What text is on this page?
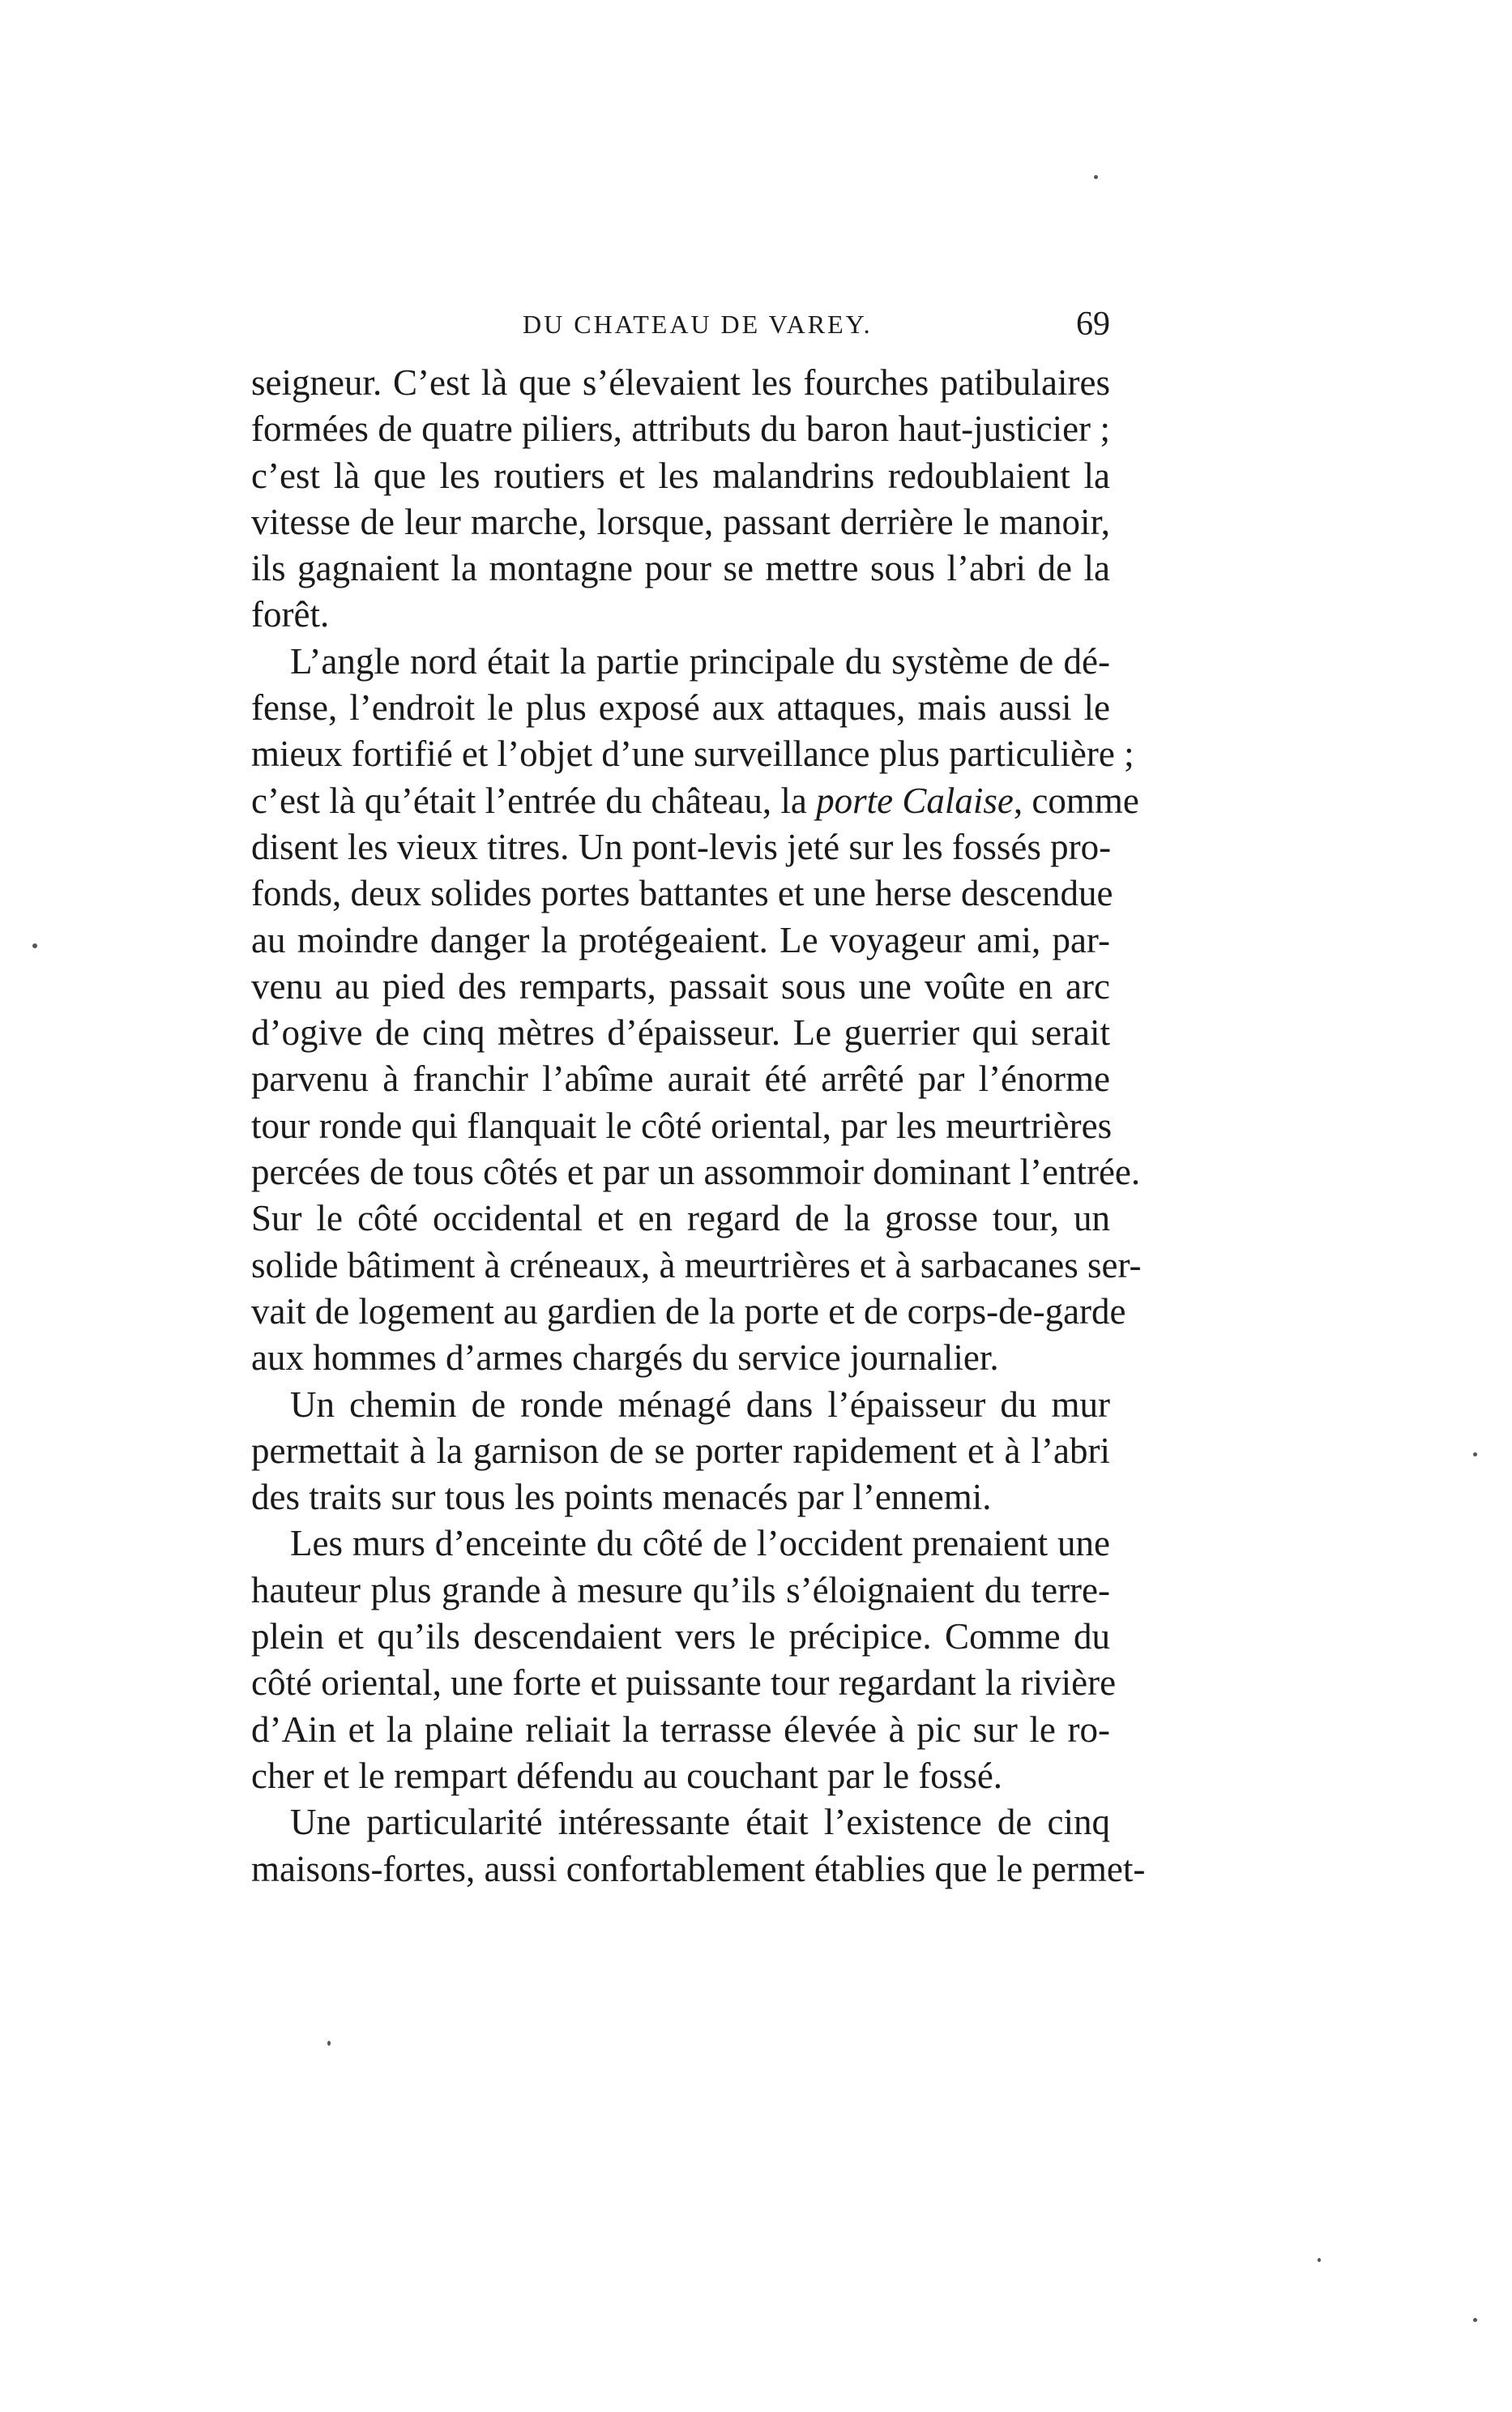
DU CHATEAU DE VAREY.	69
seigneur. C’est là que s’élevaient les fourches patibulaires
formées de quatre piliers, attributs du baron haut-justicier ;
c’est là que les routiers et les malandrins redoublaient la
vitesse de leur marche, lorsque, passant derrière le manoir,
ils gagnaient la montagne pour se mettre sous l’abri de la
forêt.
L’angle nord était la partie principale du système de dé-
fense, l’endroit le plus exposé aux attaques, mais aussi le
mieux fortifié et l’objet d’une surveillance plus particulière ;
c’est là qu’était l’entrée du château, la porte Calaise, comme
disent les vieux titres. Un pont-levis jeté sur les fossés pro-
fonds, deux solides portes battantes et une herse descendue
au moindre danger la protégeaient. Le voyageur ami, par-
venu au pied des remparts, passait sous une voûte en arc
d’ogive de cinq mètres d’épaisseur. Le guerrier qui serait
parvenu à franchir l’abîme aurait été arrêté par l’énorme
tour ronde qui flanquait le côté oriental, par les meurtrières
percées de tous côtés et par un assommoir dominant l’entrée.
Sur le côté occidental et en regard de la grosse tour, un
solide bâtiment à créneaux, à meurtrières et à sarbacanes ser-
vait de logement au gardien de la porte et de corps-de-garde
aux hommes d’armes chargés du service journalier.
Un chemin de ronde ménagé dans l’épaisseur du mur
permettait à la garnison de se porter rapidement et à l’abri
des traits sur tous les points menacés par l’ennemi.
Les murs d’enceinte du côté de l’occident prenaient une
hauteur plus grande à mesure qu’ils s’éloignaient du terre-
plein et qu’ils descendaient vers le précipice. Comme du
côté oriental, une forte et puissante tour regardant la rivière
d’Ain et la plaine reliait la terrasse élevée à pic sur le ro-
cher et le rempart défendu au couchant par le fossé.
Une particularité intéressante était l’existence de cinq
maisons-fortes, aussi confortablement établies que le permet-
